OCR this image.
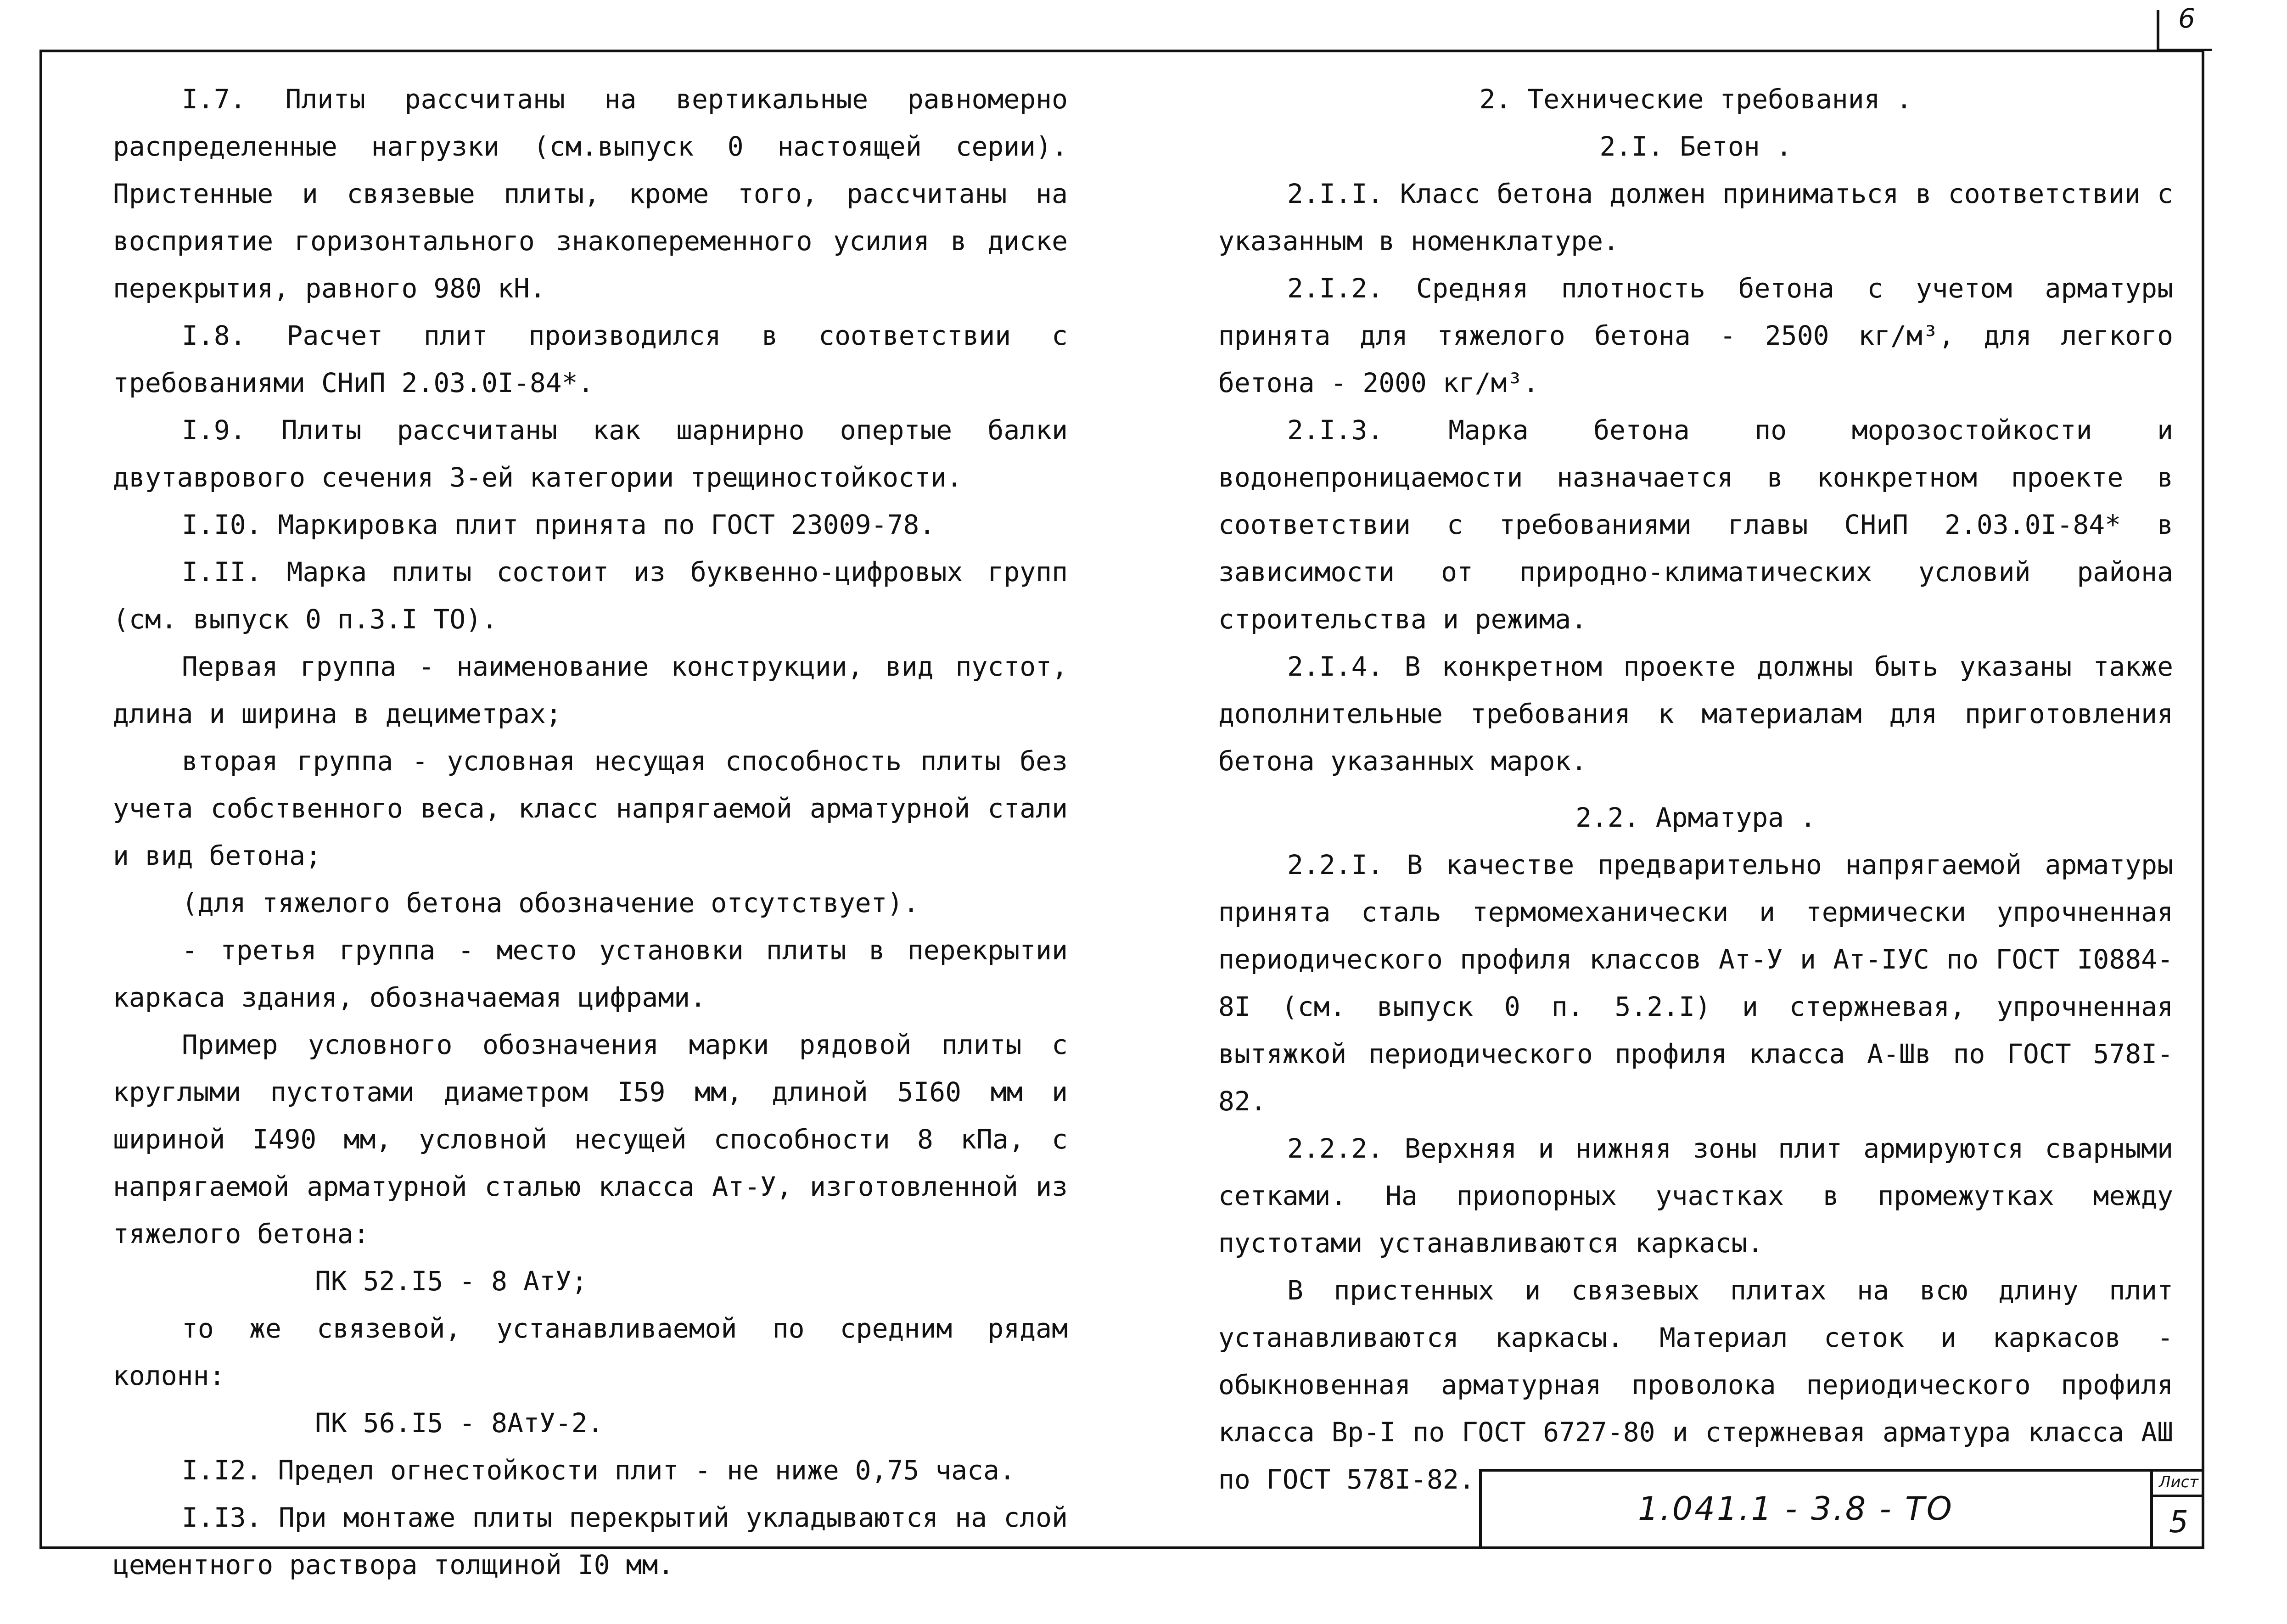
6

I.7. Плиты рассчитаны на вертикальные равномерно распределенные нагрузки (см.выпуск 0 настоящей серии). Пристенные и связевые плиты, кроме того, рассчитаны на восприятие горизонтального знакопеременного усилия в диске перекрытия, равного 980 кН.

I.8. Расчет плит производился в соответствии с требованиями СНиП 2.03.0I-84*.

I.9. Плиты рассчитаны как шарнирно опертые балки двутаврового сечения 3-ей категории трещиностойкости.

I.I0. Маркировка плит принята по ГОСТ 23009-78.

I.II. Марка плиты состоит из буквенно-цифровых групп (см. выпуск 0 п.3.I ТО).

Первая группа - наименование конструкции, вид пустот, длина и ширина в дециметрах;

вторая группа - условная несущая способность плиты без учета собственного веса, класс напрягаемой арматурной стали и вид бетона;

(для тяжелого бетона обозначение отсутствует).

- третья группа - место установки плиты в перекрытии каркаса здания, обозначаемая цифрами.

Пример условного обозначения марки рядовой плиты с круглыми пустотами диаметром I59 мм, длиной 5I60 мм и шириной I490 мм, условной несущей способности 8 кПа, с напрягаемой арматурной сталью класса Ат-У, изготовленной из тяжелого бетона:

ПК 52.I5 - 8 АтУ;

то же связевой, устанавливаемой по средним рядам колонн:

ПК 56.I5 - 8АтУ-2.

I.I2. Предел огнестойкости плит - не ниже 0,75 часа.

I.I3. При монтаже плиты перекрытий укладываются на слой цементного раствора толщиной I0 мм.

2. Технические требования .

2.I. Бетон .

2.I.I. Класс бетона должен приниматься в соответствии с указанным в номенклатуре.

2.I.2. Средняя плотность бетона с учетом арматуры принята для тяжелого бетона - 2500 кг/м³, для легкого бетона - 2000 кг/м³.

2.I.3. Марка бетона по морозостойкости и водонепроницаемости назначается в конкретном проекте в соответствии с требованиями главы СНиП 2.03.0I-84* в зависимости от природно-климатических условий района строительства и режима.

2.I.4. В конкретном проекте должны быть указаны также дополнительные требования к материалам для приготовления бетона указанных марок.

2.2. Арматура .

2.2.I. В качестве предварительно напрягаемой арматуры принята сталь термомеханически и термически упрочненная периодического профиля классов Ат-У и Ат-IУС по ГОСТ I0884-8I (см. выпуск 0 п. 5.2.I) и стержневая, упрочненная вытяжкой периодического профиля класса А-Шв по ГОСТ 578I-82.

2.2.2. Верхняя и нижняя зоны плит армируются сварными сетками. На приопорных участках в промежутках между пустотами устанавливаются каркасы.

В пристенных и связевых плитах на всю длину плит устанавливаются каркасы. Материал сеток и каркасов - обыкновенная арматурная проволока периодического профиля класса Вр-I по ГОСТ 6727-80 и стержневая арматура класса АШ по ГОСТ 578I-82.

1.041.1 - 3.8 - ТО
Лист
5
